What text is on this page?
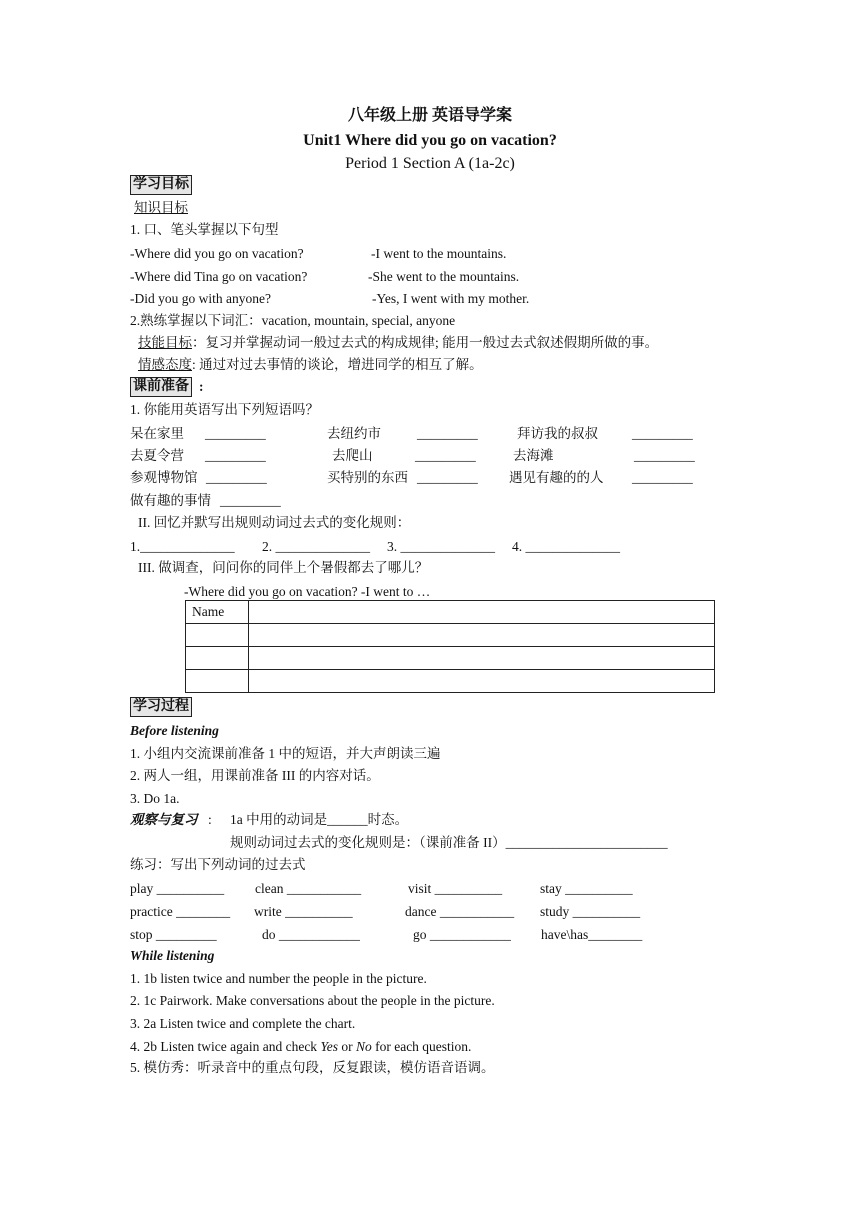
八年级上册 英语导学案
Unit1 Where did you go on vacation?
Period 1 Section A (1a-2c)
学习目标
知识目标
1. 口、笔头掌握以下句型
-Where did you go on vacation?	-I went to the mountains.
-Where did Tina go on vacation?	-She went to the mountains.
-Did you go with anyone?	-Yes, I went with my mother.
2.熟练掌握以下词汇：vacation, mountain, special, anyone
技能目标：复习并掌握动词一般过去式的构成规律; 能用一般过去式叙述假期所做的事。
情感态度: 通过对过去事情的谈论，增进同学的相互了解。
课前准备 :
1. 你能用英语写出下列短语吗？
呆在家里 _________	去纽约市	_________	拜访我的叔叔	_________
去夏令营 _________	去爬山	_________	去海滩	_________
参观博物馆 _________	买特别的东西 _________ 遇见有趣的的人 _________
做有趣的事情 _________
II. 回忆并默写出规则动词过去式的变化规则：
1.______________ 2. ______________ 3. ______________ 4. ______________
III. 做调查，问问你的同伴上个暑假都去了哪儿？
-Where did you go on vacation? -I went to …
Name	

学习过程
Before listening
1. 小组内交流课前准备 1 中的短语，并大声朗读三遍
2. 两人一组，用课前准备 III 的内容对话。
3. Do 1a.
观察与复习 : 1a 中用的动词是______时态。
规则动词过去式的变化规则是：（课前准备 II）________________________
练习：写出下列动词的过去式
play __________ clean ___________	visit __________	stay __________
practice ________ write __________	dance ___________ study __________
stop _________	do ____________	go ____________ have\has________
While listening
1. 1b listen twice and number the people in the picture.
2. 1c Pairwork. Make conversations about the people in the picture.
3. 2a Listen twice and complete the chart.
4. 2b Listen twice again and check Yes or No for each question.
5. 模仿秀：听录音中的重点句段，反复跟读，模仿语音语调。
